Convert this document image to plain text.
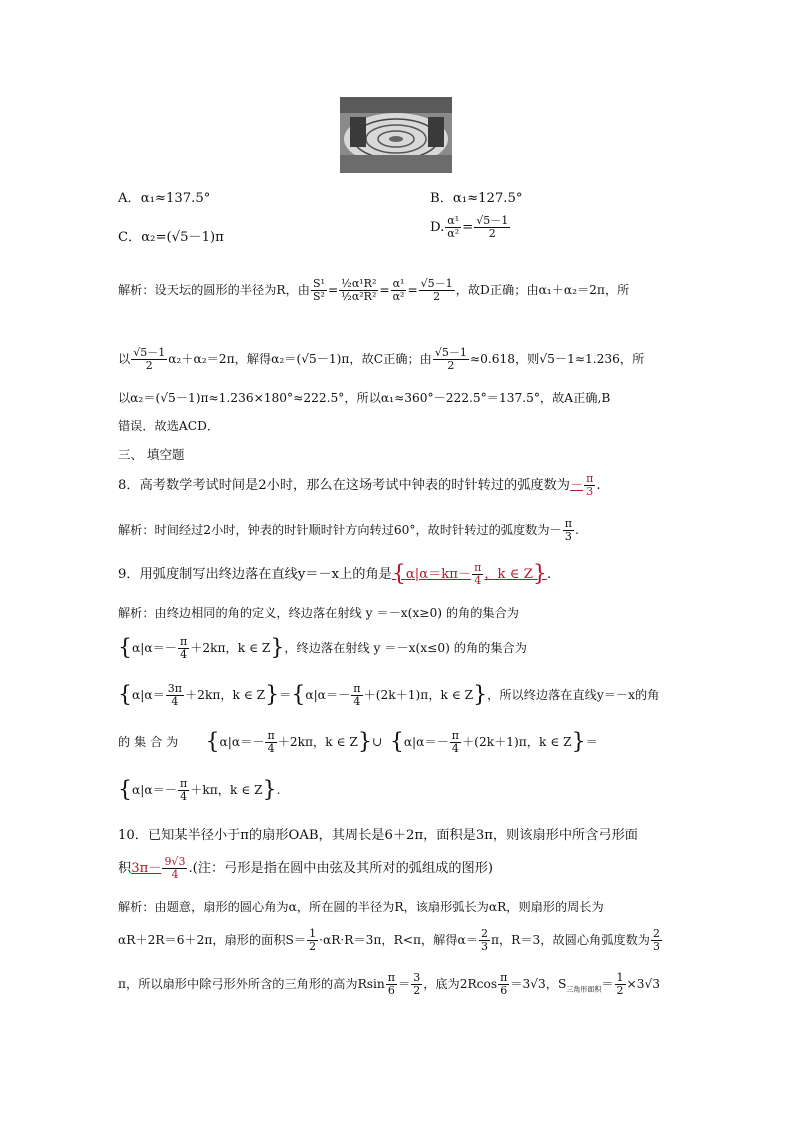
A．α₁≈137.5°	B．α₁≈127.5°
C．α₂=(√5－1)π
D. $\frac{\text{α¹}}{\text{α²}} = \frac{√5-1}{2}$
解析：设天坛的圆形的半径为R，由 $\frac{\text{S¹}}{\text{S²}} = \frac{\text{½α¹R²}}{\text{½α²R²}} = \frac{\text{α¹}}{\text{α²}} = \frac{√5-1}{2}$ ，故D正确；由α₁＋α₂＝2π，所
以 $\frac{√5-1}{2} \alpha_2+\alpha_2=2\pi$，解得α₂＝(√5－1)π，故C正确；由 $\frac{√5-1}{2} \approx 0.618$，则√5－1≈1.236，所
以α₂＝(√5－1)π≈1.236×180°≈222.5°，所以α₁≈360°－222.5°＝137.5°，故A正确,B
错误．故选ACD．
三、 填空题
8．高考数学考试时间是2小时，那么在这场考试中钟表的时针转过的弧度数为－ $\frac{\pi}{3}$ .
解析：时间经过2小时，钟表的时针顺时针方向转过60°，故时针转过的弧度数为－ $\frac{\pi}{3}$ .
9．用弧度制写出终边落在直线y＝－x上的角是{$\alpha|\alpha=k\pi- \frac{\pi}{4}$ ，k ∈ Z}.
解析：由终边相同的角的定义，终边落在射线 y ＝－x(x≥0) 的角的集合为
{$\alpha|\alpha=- \frac{\pi}{4} +2k\pi$，k ∈ Z}，终边落在射线 y ＝－x(x≤0) 的角的集合为
{$\alpha|\alpha= \frac{3\pi}{4} +2k\pi$，k ∈ $Z\}=\{\alpha|\alpha=- \frac{\pi}{4} +(2k+1)\pi$，k ∈ Z}，所以终边落在直线y＝－x的角
的 集 合 为 {$\alpha|\alpha=- \frac{\pi}{4} +2k\pi$，k ∈ Z}∪ {$\alpha|\alpha=- \frac{\pi}{4} +(2k+1)\pi$，k ∈ Z}＝
{$\alpha|\alpha=- \frac{\pi}{4} +k\pi$，k ∈ Z}.
10．已知某半径小于π的扇形OAB，其周长是6＋2π，面积是3π，则该扇形中所含弓形面
积$3\pi- \frac{9√3}{4}$ .(注：弓形是指在圆中由弦及其所对的弧组成的图形)
解析：由题意，扇形的圆心角为α，所在圆的半径为R，该扇形弧长为αR，则扇形的周长为
αR＋2R＝6＋2π，扇形的面积$S= \frac{1}{2} \cdot\alpha R\cdot R=3\pi$，R<π，解得$\alpha= \frac{2}{3}$ π，R＝3，故圆心角弧度数为 $\frac{2}{3}$
π，所以扇形中除弓形外所含的三角形的高为Rsin $\frac{\pi}{6} = \frac{3}{2}$ ，底为$2Rcos \frac{\pi}{6} =3√3$，$S_{三角形面积}= \frac{1}{2} \times 3√3$
